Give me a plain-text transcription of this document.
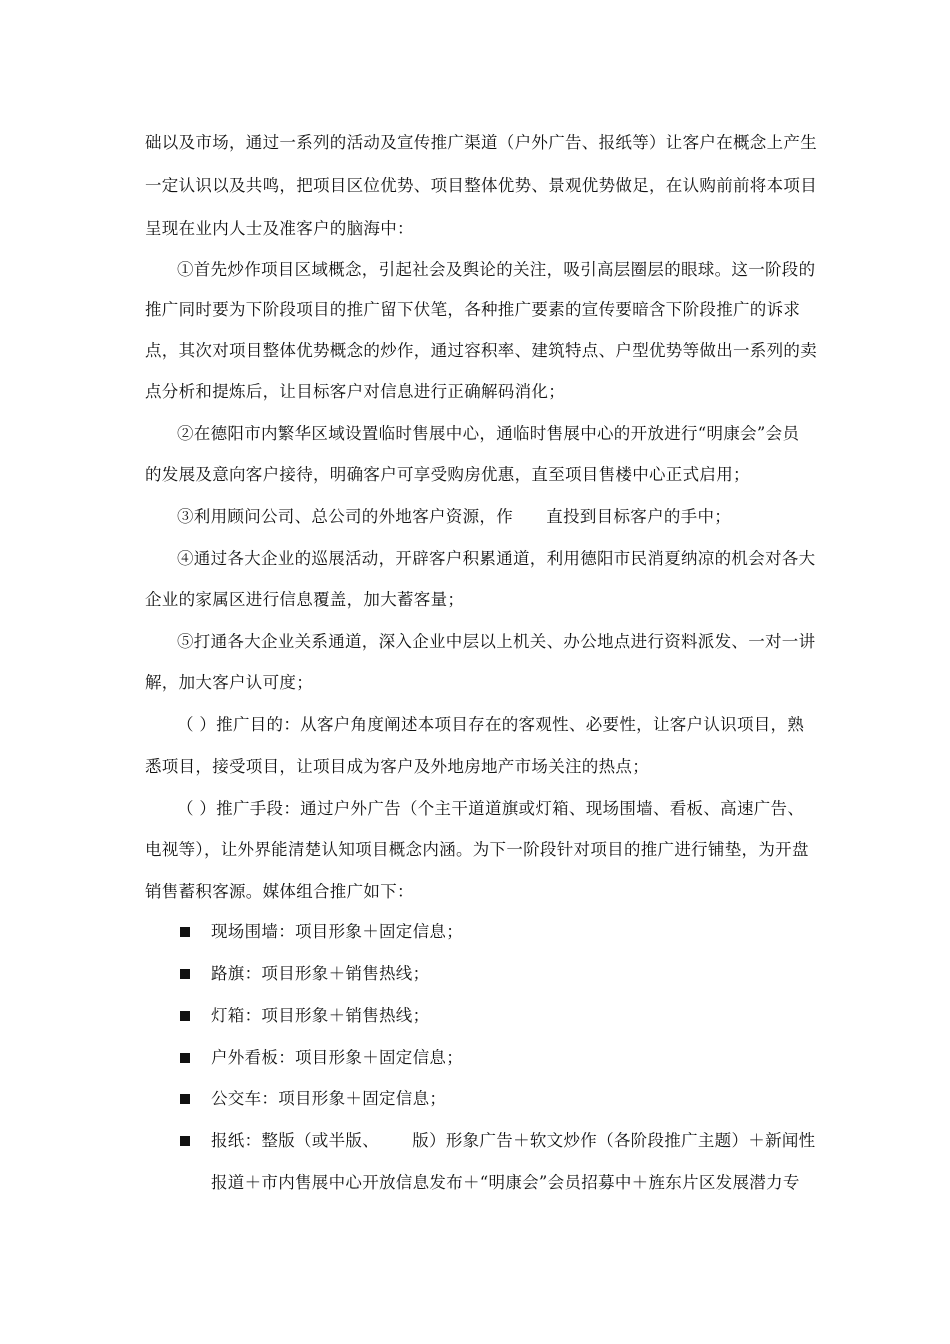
础以及市场，通过一系列的活动及宣传推广渠道（户外广告、报纸等）让客户在概念上产生
一定认识以及共鸣，把项目区位优势、项目整体优势、景观优势做足，在认购前前将本项目
呈现在业内人士及准客户的脑海中：
①首先炒作项目区域概念，引起社会及舆论的关注，吸引高层圈层的眼球。这一阶段的
推广同时要为下阶段项目的推广留下伏笔，各种推广要素的宣传要暗含下阶段推广的诉求
点，其次对项目整体优势概念的炒作，通过容积率、建筑特点、户型优势等做出一系列的卖
点分析和提炼后，让目标客户对信息进行正确解码消化；
②在德阳市内繁华区域设置临时售展中心，通临时售展中心的开放进行“明康会”会员
的发展及意向客户接待，明确客户可享受购房优惠，直至项目售楼中心正式启用；
③利用顾问公司、总公司的外地客户资源，作      直投到目标客户的手中；
④通过各大企业的巡展活动，开辟客户积累通道，利用德阳市民消夏纳凉的机会对各大
企业的家属区进行信息覆盖，加大蓄客量；
⑤打通各大企业关系通道，深入企业中层以上机关、办公地点进行资料派发、一对一讲
解，加大客户认可度；
（ ）推广目的：从客户角度阐述本项目存在的客观性、必要性，让客户认识项目，熟
悉项目，接受项目，让项目成为客户及外地房地产市场关注的热点；
（ ）推广手段：通过户外广告（个主干道道旗或灯箱、现场围墙、看板、高速广告、
电视等），让外界能清楚认知项目概念内涵。为下一阶段针对项目的推广进行铺垫，为开盘
销售蓄积客源。媒体组合推广如下：
现场围墙：项目形象＋固定信息；
路旗：项目形象＋销售热线；
灯箱：项目形象＋销售热线；
户外看板：项目形象＋固定信息；
公交车：项目形象＋固定信息；
报纸：整版（或半版、      版）形象广告＋软文炒作（各阶段推广主题）＋新闻性
报道＋市内售展中心开放信息发布＋“明康会”会员招募中＋旌东片区发展潜力专
